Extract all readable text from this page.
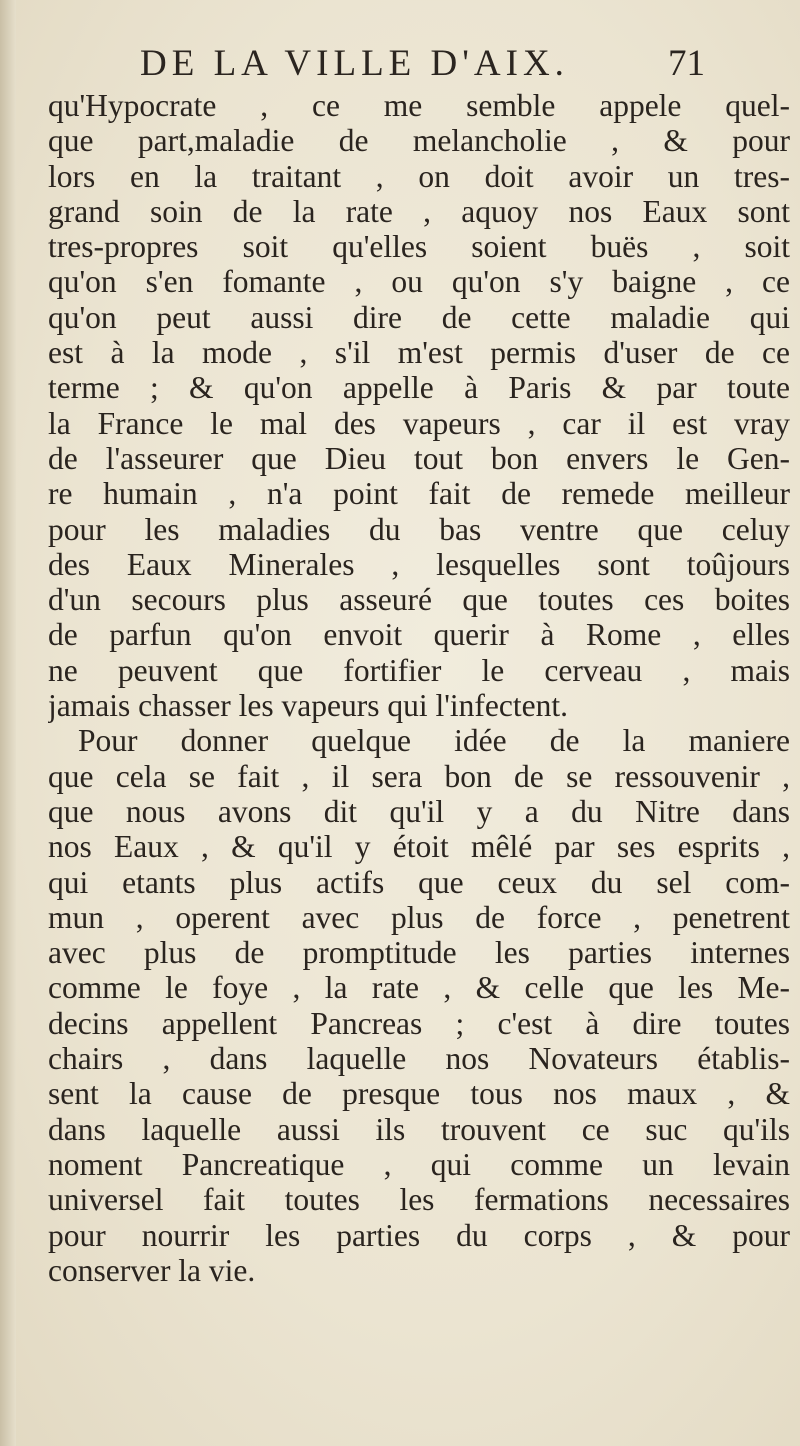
DE LA VILLE D'AIX.	71
qu'Hypocrate , ce me semble appele quel-
que part,maladie de melancholie , & pour
lors en la traitant , on doit avoir un tres-
grand soin de la rate , aquoy nos Eaux sont
tres-propres soit qu'elles soient buës , soit
qu'on s'en fomante , ou qu'on s'y baigne , ce
qu'on peut aussi dire de cette maladie qui
est à la mode , s'il m'est permis d'user de ce
terme ; & qu'on appelle à Paris & par toute
la France le mal des vapeurs , car il est vray
de l'asseurer que Dieu tout bon envers le Gen-
re humain , n'a point fait de remede meilleur
pour les maladies du bas ventre que celuy
des Eaux Minerales , lesquelles sont toûjours
d'un secours plus asseuré que toutes ces boites
de parfun qu'on envoit querir à Rome , elles
ne peuvent que fortifier le cerveau , mais
jamais chasser les vapeurs qui l'infectent.
Pour donner quelque idée de la maniere
que cela se fait , il sera bon de se ressouvenir ,
que nous avons dit qu'il y a du Nitre dans
nos Eaux , & qu'il y étoit mêlé par ses esprits ,
qui etants plus actifs que ceux du sel com-
mun , operent avec plus de force , penetrent
avec plus de promptitude les parties internes
comme le foye , la rate , & celle que les Me-
decins appellent Pancreas ; c'est à dire toutes
chairs , dans laquelle nos Novateurs établis-
sent la cause de presque tous nos maux , &
dans laquelle aussi ils trouvent ce suc qu'ils
noment Pancreatique , qui comme un levain
universel fait toutes les fermations necessaires
pour nourrir les parties du corps , & pour
conserver la vie.
